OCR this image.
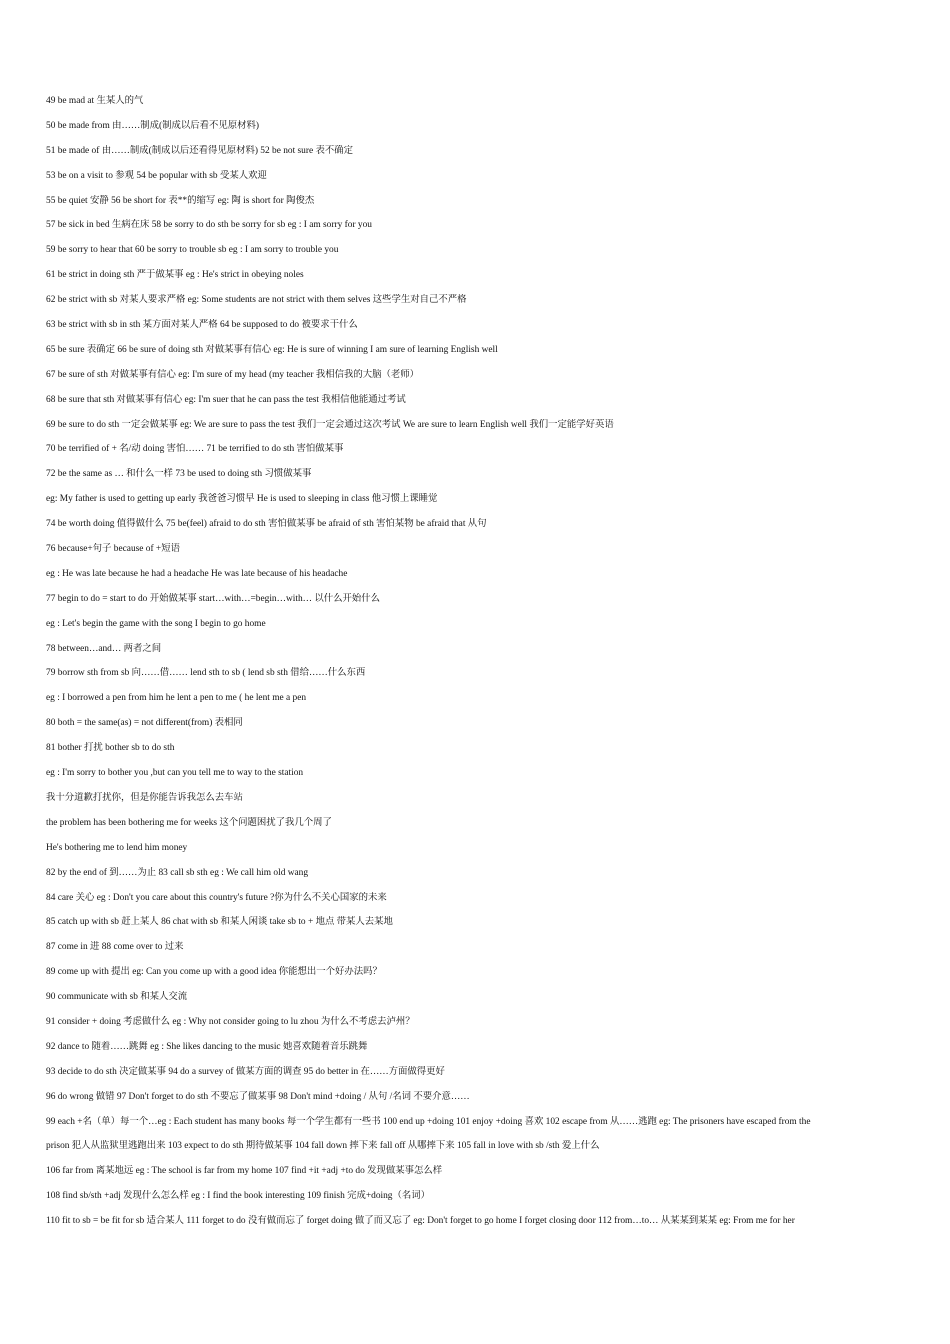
49 be mad at 生某人的气
50 be made from 由……制成(制成以后看不见原材料)
51 be made of 由……制成(制成以后还看得见原材料) 52 be not sure 表不确定
53 be on a visit to 参观 54 be popular with sb 受某人欢迎
55 be quiet 安静 56 be short for 表**的缩写 eg: 陶 is short for 陶俊杰
57 be sick in bed 生病在床 58 be sorry to do sth be sorry for sb eg : I am sorry for you
59 be sorry to hear that 60 be sorry to trouble sb eg : I am sorry to trouble you
61 be strict in doing sth 严于做某事 eg : He's strict in obeying noles
62 be strict with sb 对某人要求严格 eg: Some students are not strict with them selves 这些学生对自己不严格
63 be strict with sb in sth 某方面对某人严格 64 be supposed to do 被要求干什么
65 be sure 表确定 66 be sure of doing sth 对做某事有信心 eg: He is sure of winning I am sure of learning English well
67 be sure of sth 对做某事有信心 eg: I'm sure of my head (my teacher 我相信我的大脑（老师）
68 be sure that sth 对做某事有信心 eg: I'm suer that he can pass the test 我相信他能通过考试
69 be sure to do sth 一定会做某事 eg: We are sure to pass the test 我们一定会通过这次考试 We are sure to learn English well 我们一定能学好英语
70 be terrified of + 名/动 doing 害怕…… 71 be terrified to do sth 害怕做某事
72 be the same as … 和什么一样 73 be used to doing sth 习惯做某事
eg: My father is used to getting up early 我爸爸习惯早 He is used to sleeping in class 他习惯上课睡觉
74 be worth doing 值得做什么 75 be(feel) afraid to do sth 害怕做某事 be afraid of sth 害怕某物 be afraid that 从句
76 because+句子 because of +短语
eg : He was late because he had a headache He was late because of his headache
77 begin to do = start to do 开始做某事 start…with…=begin…with… 以什么开始什么
eg : Let's begin the game with the song I begin to go home
78 between…and… 两者之间
79 borrow sth from sb 向……借…… lend sth to sb ( lend sb sth 借给……什么东西
eg : I borrowed a pen from him he lent a pen to me ( he lent me a pen
80 both = the same(as) = not different(from) 表相同
81 bother 打扰 bother sb to do sth
eg : I'm sorry to bother you ,but can you tell me to way to the station
我十分道歉打扰你，但是你能告诉我怎么去车站
the problem has been bothering me for weeks 这个问题困扰了我几个周了
He's bothering me to lend him money
82 by the end of 到……为止 83 call sb sth eg : We call him old wang
84 care 关心 eg : Don't you care about this country's future ?你为什么不关心国家的未来
85 catch up with sb 赶上某人 86 chat with sb 和某人闲谈 take sb to + 地点 带某人去某地
87 come in 进 88 come over to 过来
89 come up with 提出 eg: Can you come up with a good idea 你能想出一个好办法吗？
90 communicate with sb 和某人交流
91 consider + doing 考虑做什么 eg : Why not consider going to lu zhou 为什么不考虑去泸州？
92 dance to 随着……跳舞 eg : She likes dancing to the music 她喜欢随着音乐跳舞
93 decide to do sth 决定做某事 94 do a survey of 做某方面的调查 95 do better in 在……方面做得更好
96 do wrong 做错 97 Don't forget to do sth 不要忘了做某事 98 Don't mind +doing / 从句 /名词 不要介意……
99 each +名（单）每一个…eg : Each student has many books 每一个学生都有一些书 100 end up +doing 101 enjoy +doing 喜欢 102 escape from 从……逃跑 eg: The prisoners have escaped from the
prison 犯人从监狱里逃跑出来 103 expect to do sth 期待做某事 104 fall down 摔下来 fall off 从哪摔下来 105 fall in love with sb /sth 爱上什么
106 far from 离某地远 eg : The school is far from my home 107 find +it +adj +to do 发现做某事怎么样
108 find sb/sth +adj 发现什么怎么样 eg : I find the book interesting 109 finish 完成+doing（名词）
110 fit to sb = be fit for sb 适合某人 111 forget to do 没有做而忘了 forget doing 做了而又忘了 eg: Don't forget to go home I forget closing door 112 from…to… 从某某到某某 eg: From me for her
